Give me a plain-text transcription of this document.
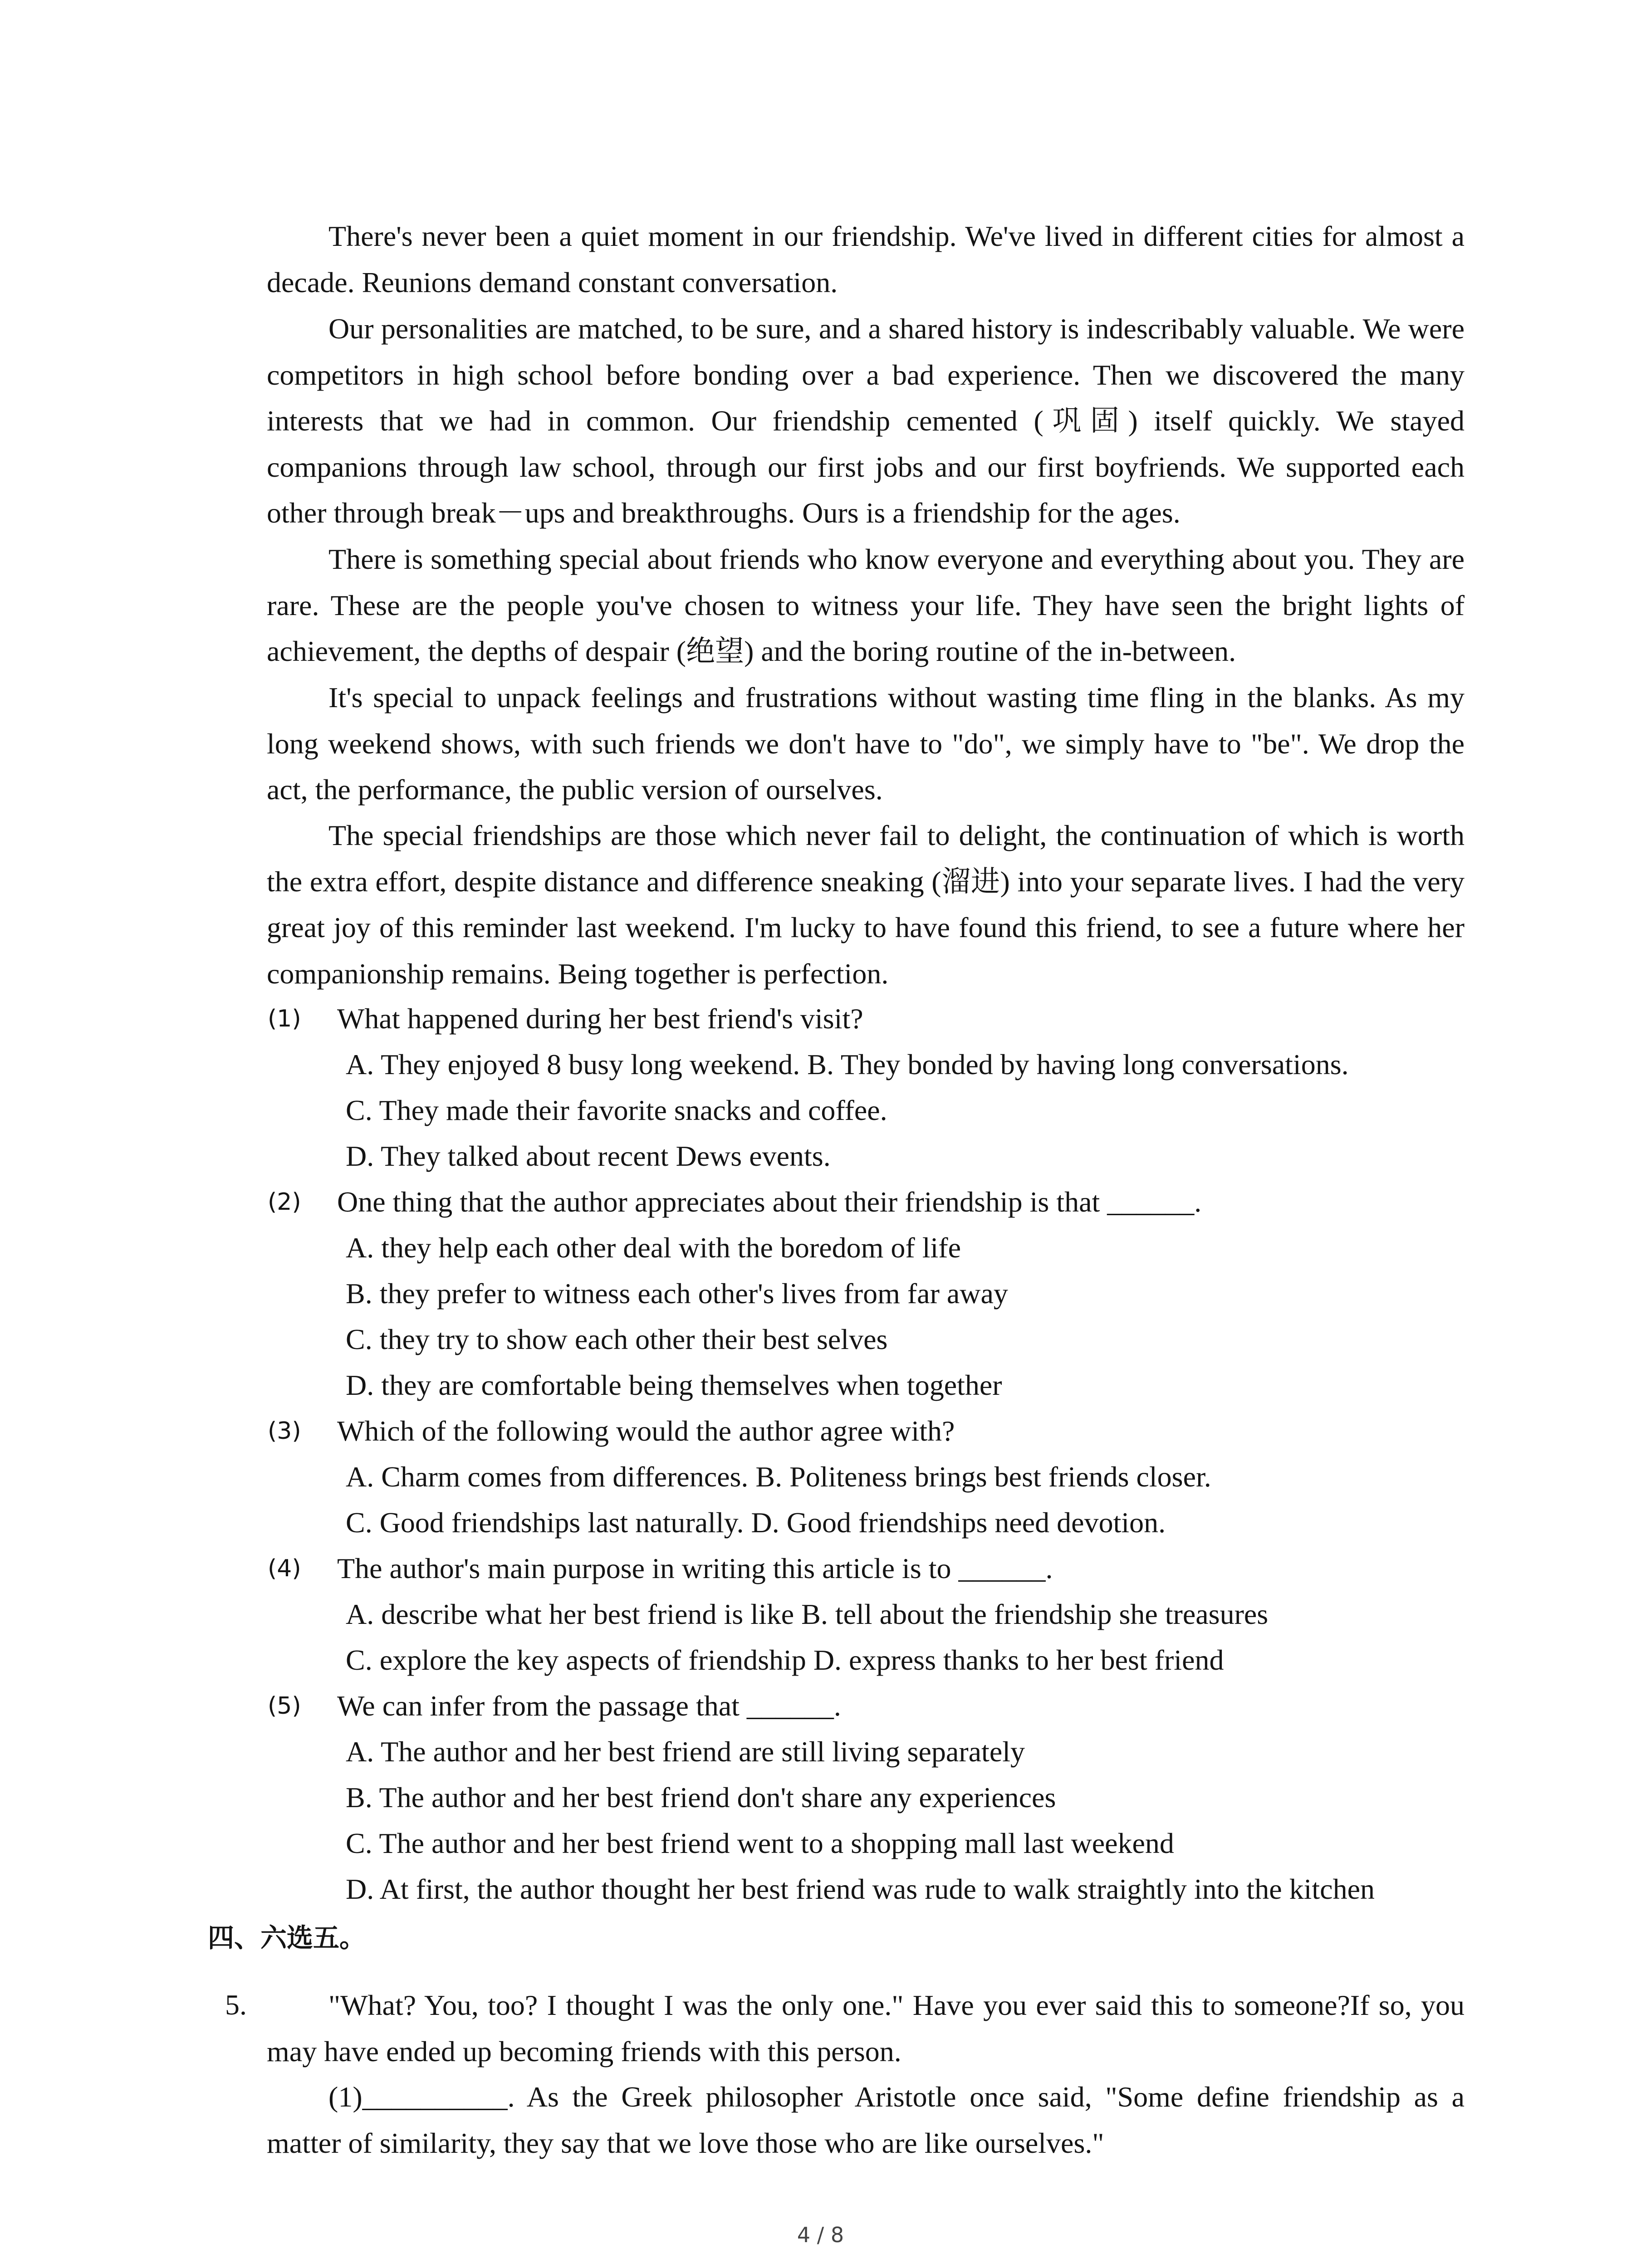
There's never been a quiet moment in our friendship. We've lived in different cities for almost a decade. Reunions demand constant conversation.

Our personalities are matched, to be sure, and a shared history is indescribably valuable. We were competitors in high school before bonding over a bad experience. Then we discovered the many interests that we had in common. Our friendship cemented (巩固) itself quickly. We stayed companions through law school, through our first jobs and our first boyfriends. We supported each other through break－ups and breakthroughs. Ours is a friendship for the ages.

There is something special about friends who know everyone and everything about you. They are rare. These are the people you've chosen to witness your life. They have seen the bright lights of achievement, the depths of despair (绝望) and the boring routine of the in-between.

It's special to unpack feelings and frustrations without wasting time fling in the blanks. As my long weekend shows, with such friends we don't have to "do", we simply have to "be". We drop the act, the performance, the public version of ourselves.

The special friendships are those which never fail to delight, the continuation of which is worth the extra effort, despite distance and difference sneaking (溜进) into your separate lives. I had the very great joy of this reminder last weekend. I'm lucky to have found this friend, to see a future where her companionship remains. Being together is perfection.

(1) What happened during her best friend's visit?
A. They enjoyed 8 busy long weekend. B. They bonded by having long conversations.
C. They made their favorite snacks and coffee.
D. They talked about recent Dews events.
(2) One thing that the author appreciates about their friendship is that ______.
A. they help each other deal with the boredom of life
B. they prefer to witness each other's lives from far away
C. they try to show each other their best selves
D. they are comfortable being themselves when together
(3) Which of the following would the author agree with?
A. Charm comes from differences. B. Politeness brings best friends closer.
C. Good friendships last naturally. D. Good friendships need devotion.
(4) The author's main purpose in writing this article is to ______.
A. describe what her best friend is like B. tell about the friendship she treasures
C. explore the key aspects of friendship D. express thanks to her best friend
(5) We can infer from the passage that ______.
A. The author and her best friend are still living separately
B. The author and her best friend don't share any experiences
C. The author and her best friend went to a shopping mall last weekend
D. At first, the author thought her best friend was rude to walk straightly into the kitchen
四、六选五。
5.	"What? You, too? I thought I was the only one." Have you ever said this to someone?If so, you may have ended up becoming friends with this person.

(1)__________. As the Greek philosopher Aristotle once said, "Some define friendship as a matter of similarity, they say that we love those who are like ourselves."

4 / 8
